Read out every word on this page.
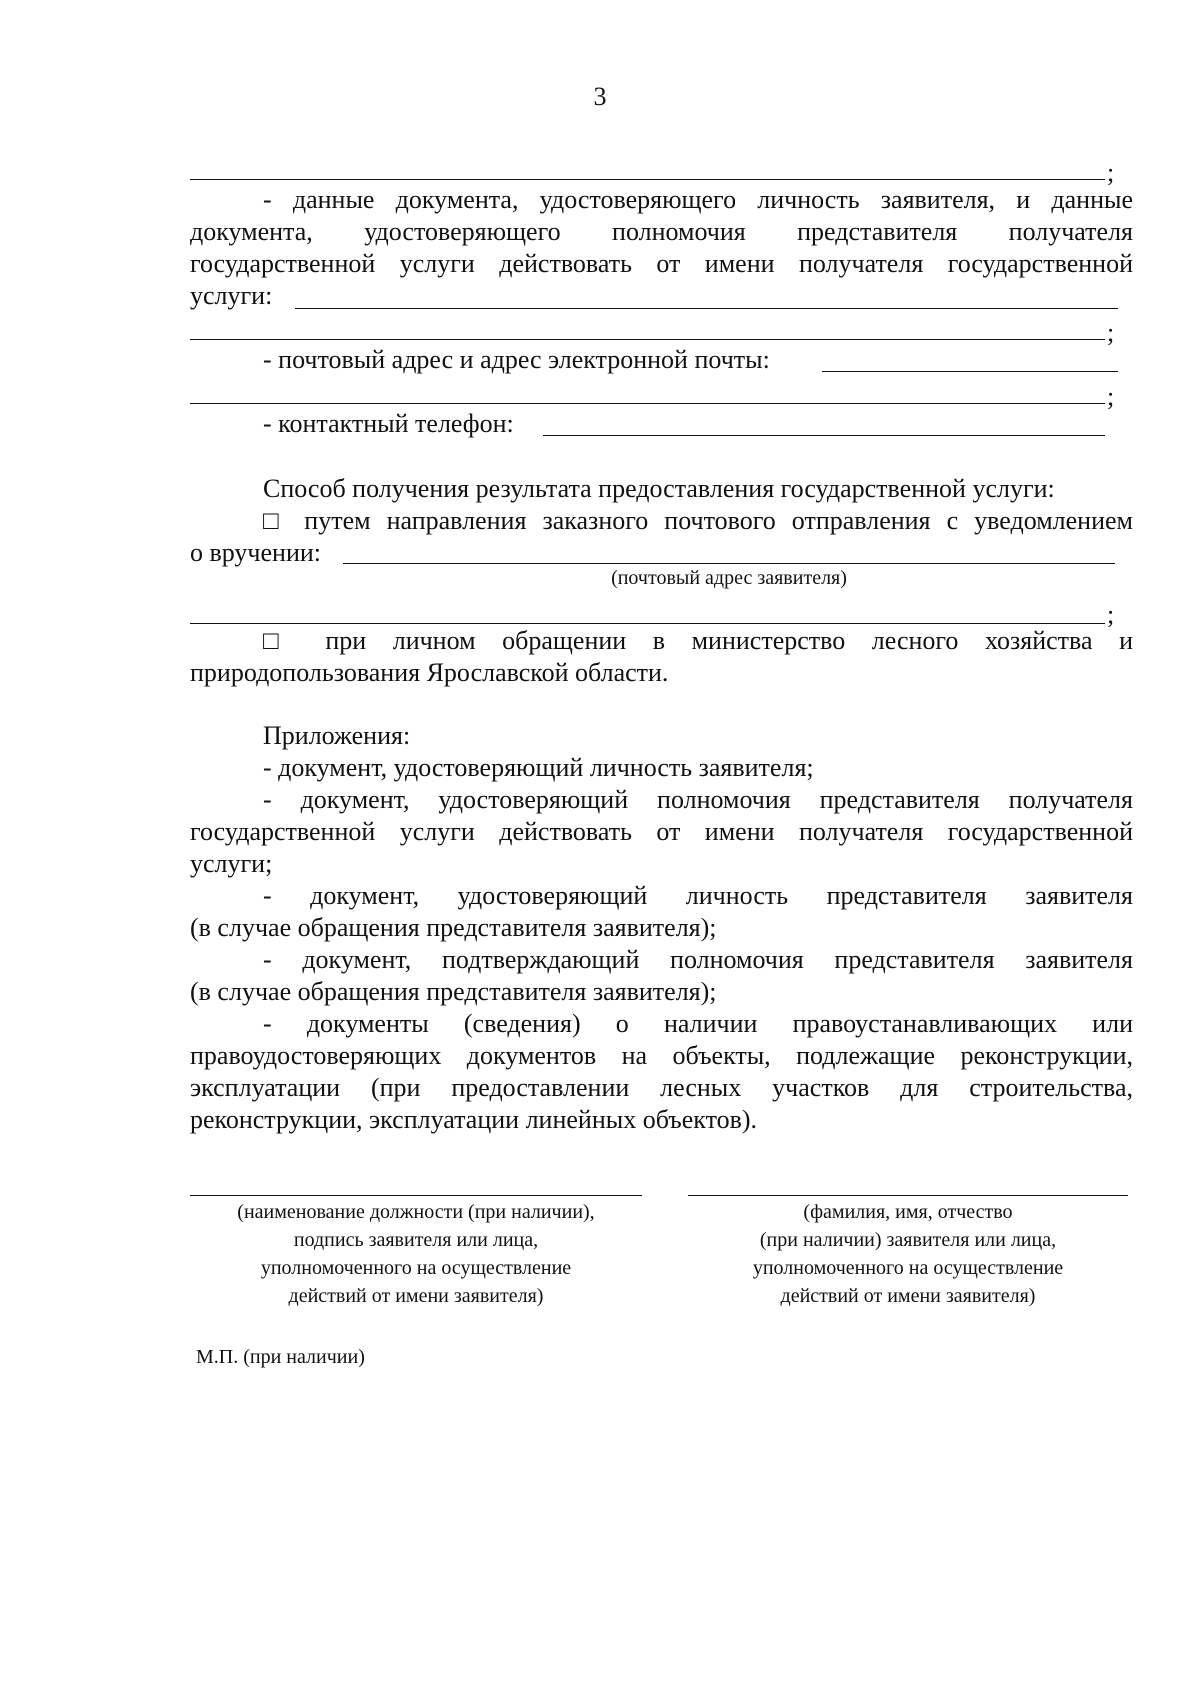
3
;
- данные документа, удостоверяющего личность заявителя, и данные
документа, удостоверяющего полномочия представителя получателя
государственной услуги действовать от имени получателя государственной
услуги:
;
- почтовый адрес и адрес электронной почты:
;
- контактный телефон:
Способ получения результата предоставления государственной услуги:
□ путем направления заказного почтового отправления с уведомлением
о вручении:
(почтовый адрес заявителя)
;
□ при личном обращении в министерство лесного хозяйства и
природопользования Ярославской области.
Приложения:
- документ, удостоверяющий личность заявителя;
- документ, удостоверяющий полномочия представителя получателя
государственной услуги действовать от имени получателя государственной
услуги;
- документ, удостоверяющий личность представителя заявителя
(в случае обращения представителя заявителя);
- документ, подтверждающий полномочия представителя заявителя
(в случае обращения представителя заявителя);
- документы (сведения) о наличии правоустанавливающих или
правоудостоверяющих документов на объекты, подлежащие реконструкции,
эксплуатации (при предоставлении лесных участков для строительства,
реконструкции, эксплуатации линейных объектов).
(наименование должности (при наличии),
подпись заявителя или лица,
уполномоченного на осуществление
действий от имени заявителя)
(фамилия, имя, отчество
(при наличии) заявителя или лица,
уполномоченного на осуществление
действий от имени заявителя)
М.П. (при наличии)
